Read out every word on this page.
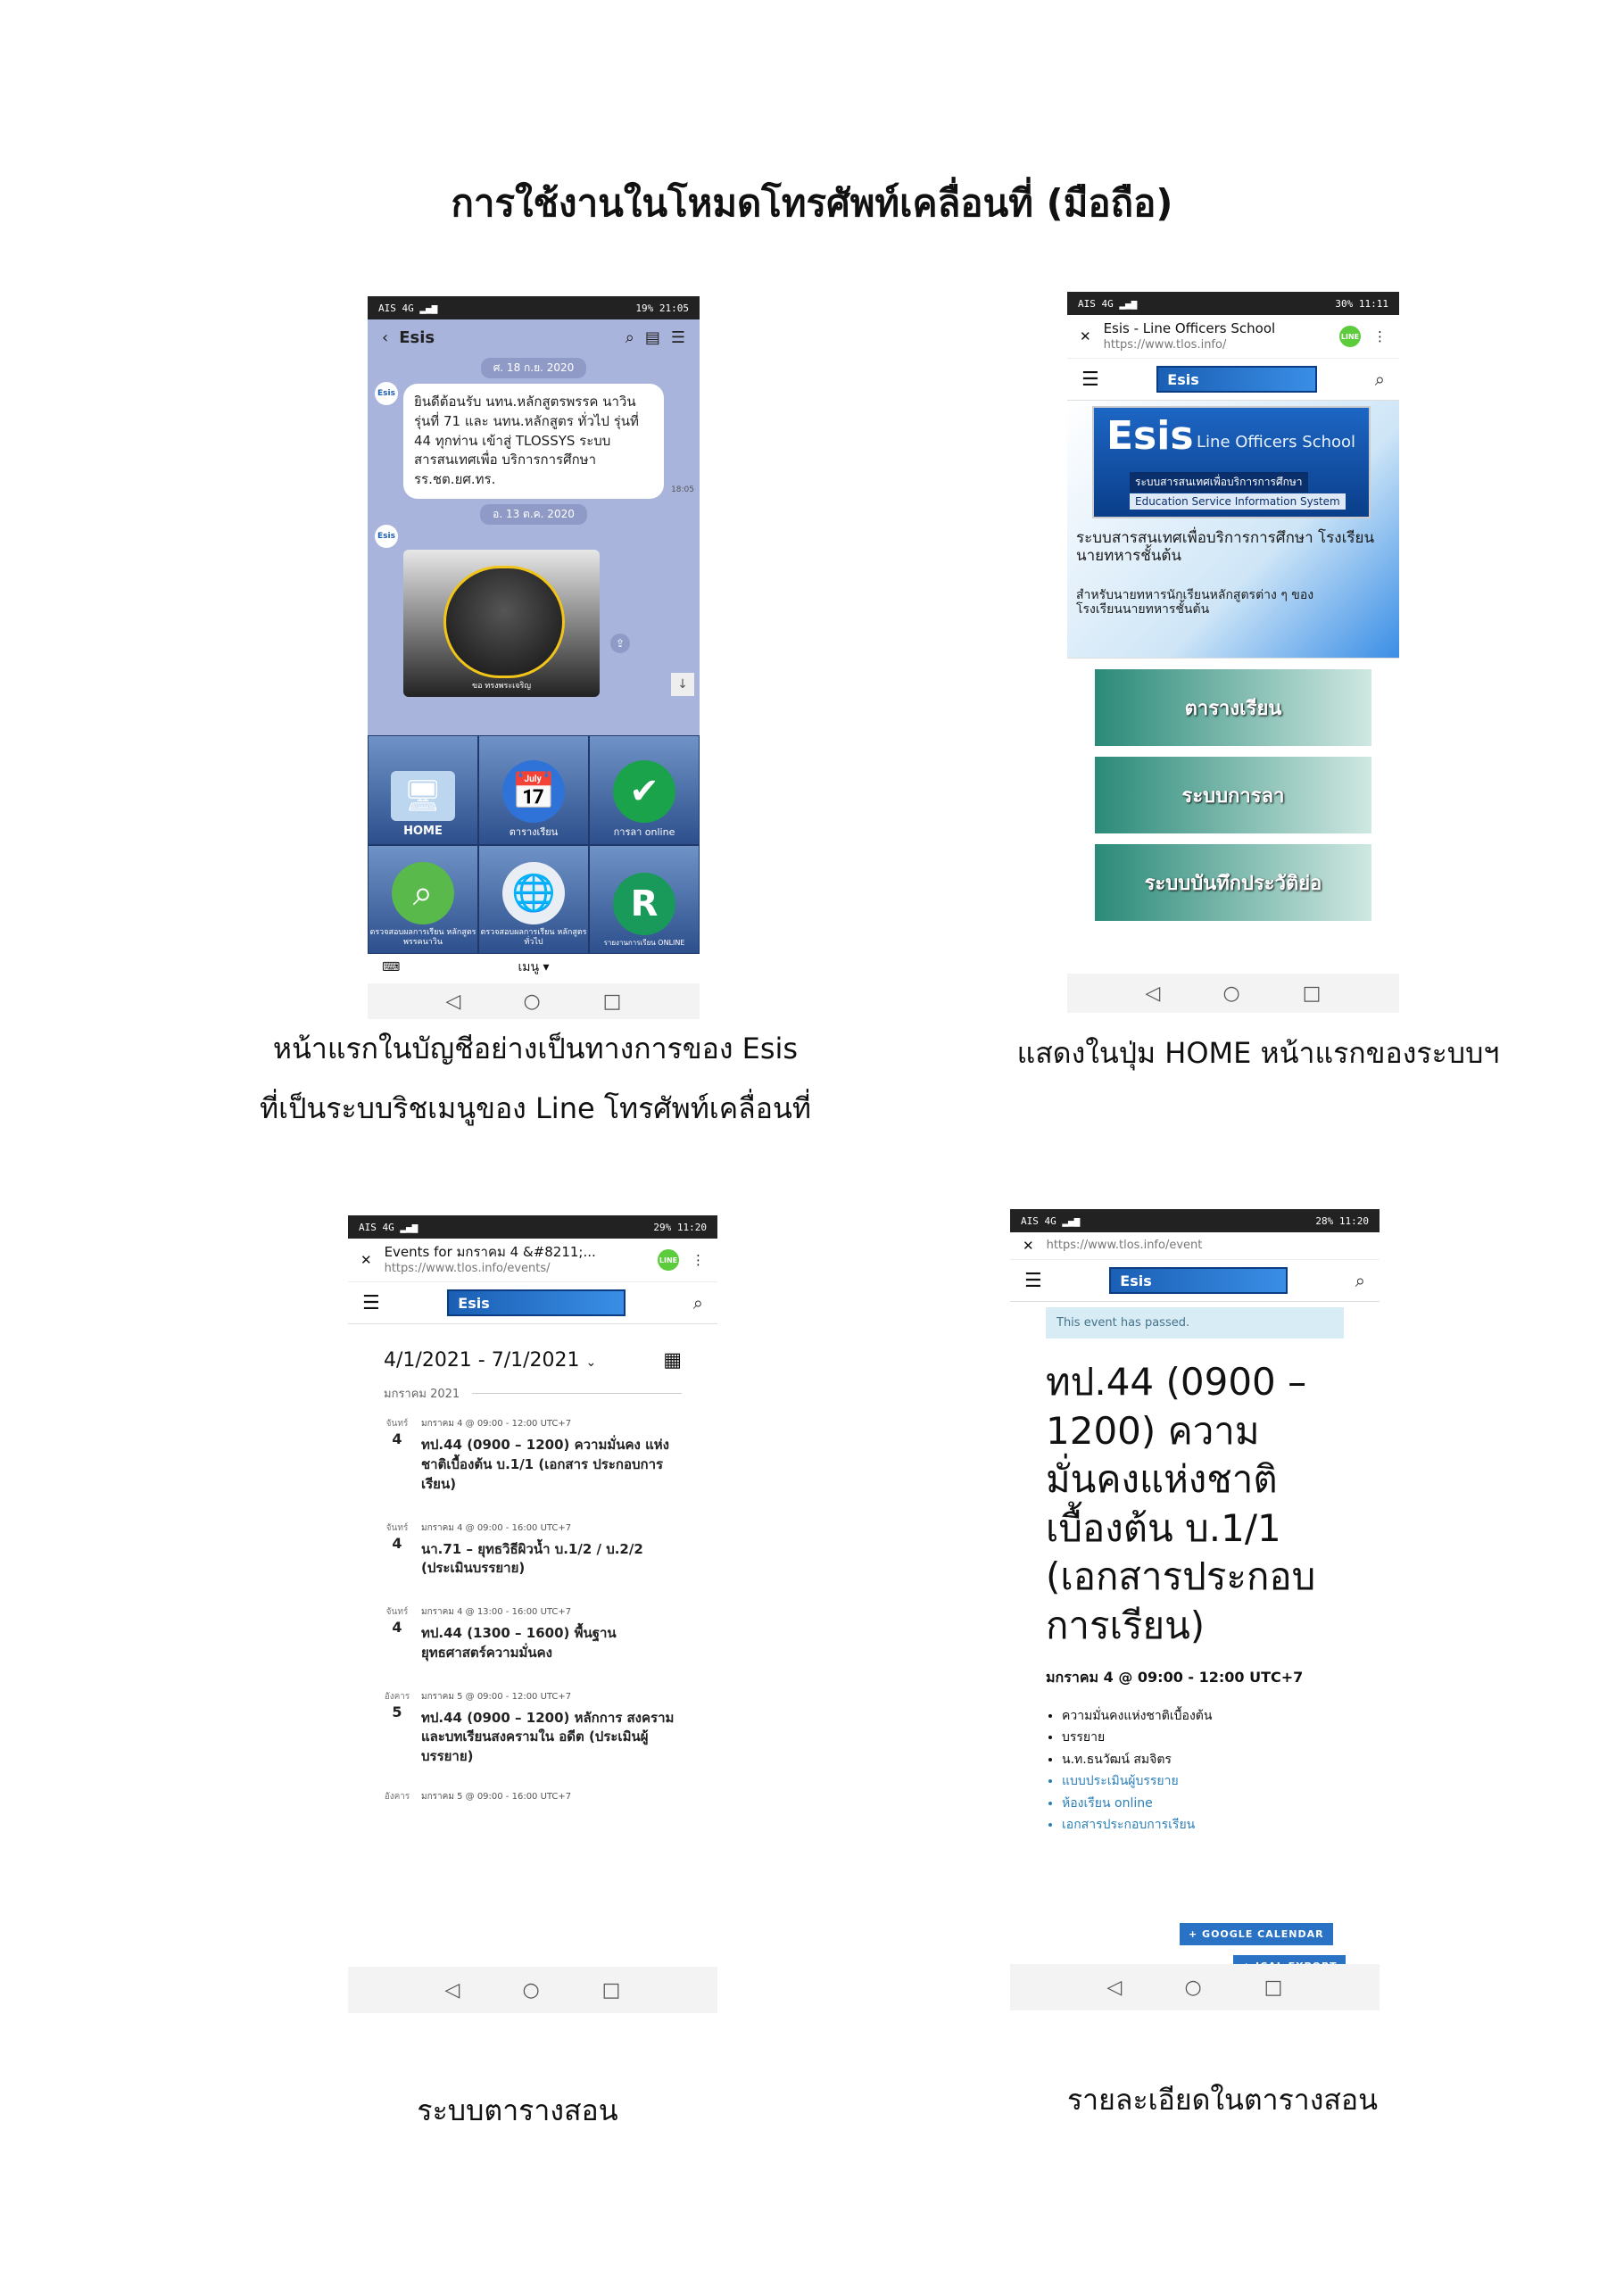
การใช้งานในโหมดโทรศัพท์เคลื่อนที่ (มือถือ)
AIS 4G ▂▄▆	19% 21:05
‹ Esis	⌕ ▤ ☰
ศ. 18 ก.ย. 2020
Esis	ยินดีต้อนรับ นทน.หลักสูตรพรรค นาวิน รุ่นที่ 71 และ นทน.หลักสูตร ทั่วไป รุ่นที่ 44 ทุกท่าน เข้าสู่ TLOSSYS ระบบสารสนเทศเพื่อ บริการการศึกษา รร.ชต.ยศ.ทร.
18:05
อ. 13 ต.ค. 2020
Esis
ขอ ทรงพระเจริญ
⇪
↓
🖥
HOME
📅
ตารางเรียน
✔
การลา online
⌕
ตรวจสอบผลการเรียน หลักสูตรพรรคนาวิน
🌐
ตรวจสอบผลการเรียน หลักสูตรทั่วไป
R
รายงานการเรียน ONLINE
⌨	เมนู ▾
◁	○	□
หน้าแรกในบัญชีอย่างเป็นทางการของ Esis
ที่เป็นระบบริชเมนูของ Line โทรศัพท์เคลื่อนที่
AIS 4G ▂▄▆	30% 11:11
✕
Esis - Line Officers School
https://www.tlos.info/
LINE ⋮
☰	Esis	⌕
Esis Line Officers School
ระบบสารสนเทศเพื่อบริการการศึกษา
Education Service Information System
ระบบสารสนเทศเพื่อบริการการศึกษา โรงเรียนนายทหารชั้นต้น
สำหรับนายทหารนักเรียนหลักสูตรต่าง ๆ ของ โรงเรียนนายทหารชั้นต้น
ตารางเรียน
ระบบการลา
ระบบบันทึกประวัติย่อ
◁	○	□
แสดงในปุ่ม HOME หน้าแรกของระบบฯ
AIS 4G ▂▄▆	29% 11:20
✕
Events for มกราคม 4 &#8211;...
https://www.tlos.info/events/
LINE ⋮
☰	Esis	⌕
4/1/2021 - 7/1/2021 ⌄	▦
มกราคม 2021
จันทร์
4
มกราคม 4 @ 09:00 - 12:00 UTC+7
ทป.44 (0900 – 1200) ความมั่นคง แห่งชาติเบื้องต้น บ.1/1 (เอกสาร ประกอบการเรียน)
จันทร์
4
มกราคม 4 @ 09:00 - 16:00 UTC+7
นา.71 – ยุทธวิธีผิวน้ำ บ.1/2 / บ.2/2 (ประเมินบรรยาย)
จันทร์
4
มกราคม 4 @ 13:00 - 16:00 UTC+7
ทป.44 (1300 – 1600) พื้นฐาน ยุทธศาสตร์ความมั่นคง
อังคาร
5
มกราคม 5 @ 09:00 - 12:00 UTC+7
ทป.44 (0900 – 1200) หลักการ สงครามและบทเรียนสงครามใน อดีต (ประเมินผู้บรรยาย)
อังคาร มกราคม 5 @ 09:00 - 16:00 UTC+7
◁	○	□
ระบบตารางสอน
AIS 4G ▂▄▆	28% 11:20
✕ https://www.tlos.info/event
☰	Esis	⌕
This event has passed.
ทป.44 (0900 – 1200) ความมั่นคงแห่งชาติเบื้องต้น บ.1/1 (เอกสารประกอบการเรียน)
มกราคม 4 @ 09:00 - 12:00 UTC+7
• ความมั่นคงแห่งชาติเบื้องต้น
• บรรยาย
• น.ท.ธนวัฒน์ สมจิตร
• แบบประเมินผู้บรรยาย
• ห้องเรียน online
• เอกสารประกอบการเรียน
+ GOOGLE CALENDAR
◁	○	□
รายละเอียดในตารางสอน
